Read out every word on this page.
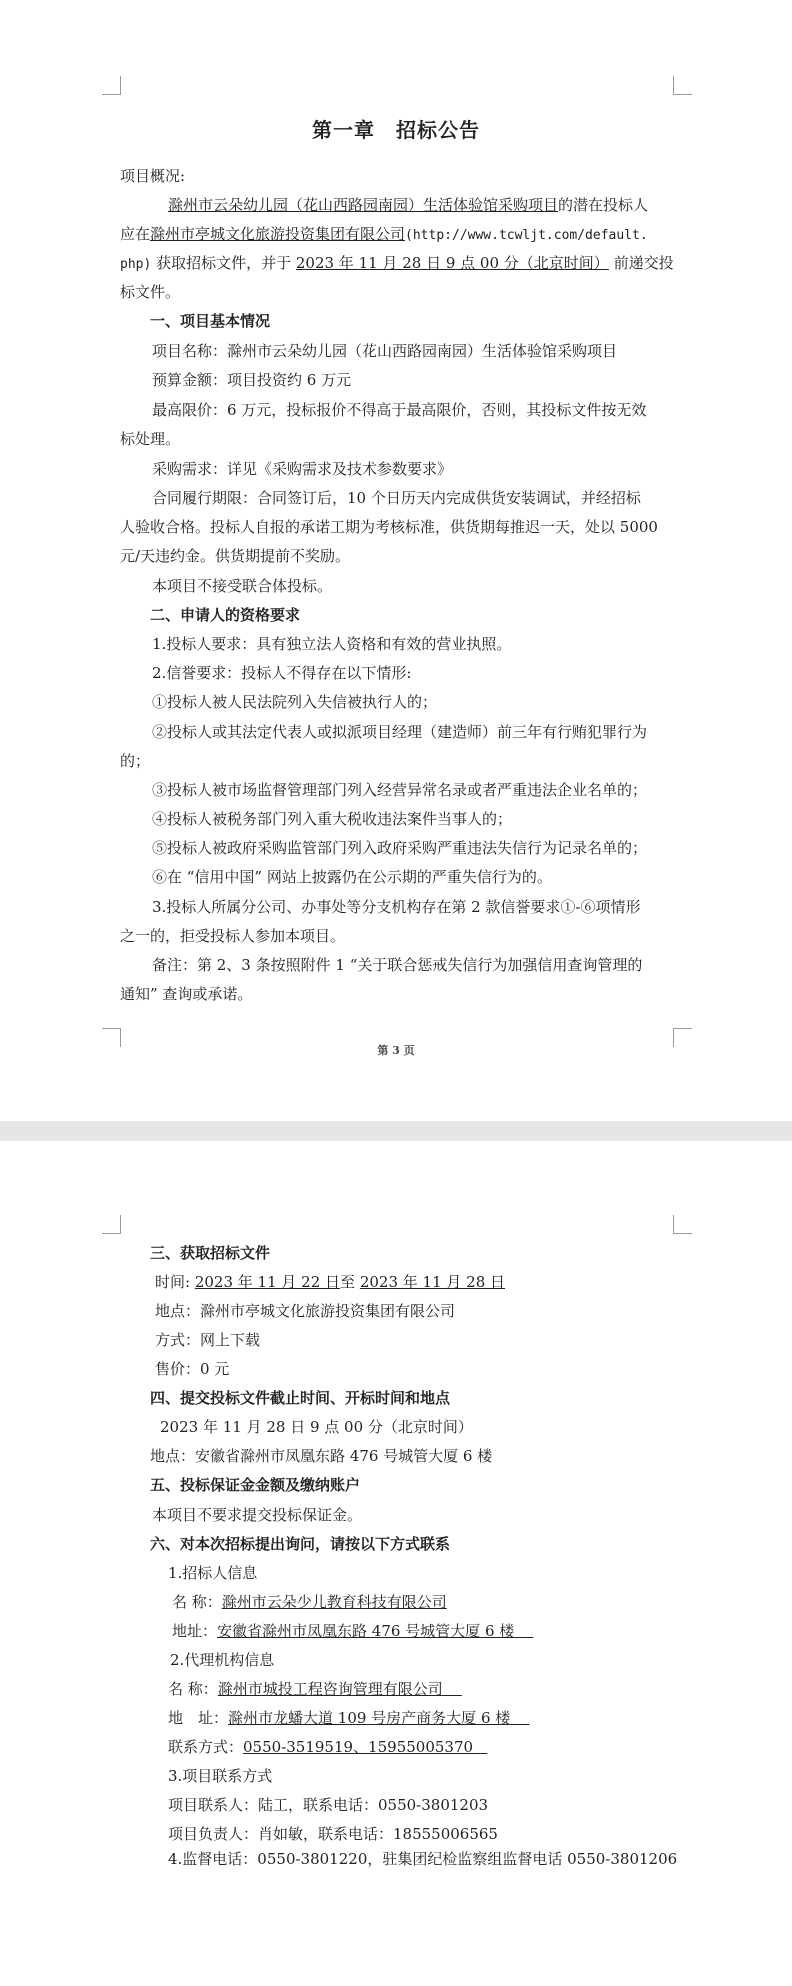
第一章　招标公告
项目概况:
滁州市云朵幼儿园（花山西路园南园）生活体验馆采购项目的潜在投标人
应在滁州市亭城文化旅游投资集团有限公司(http://www.tcwljt.com/default.
php) 获取招标文件，并于 2023 年 11 月 28 日 9 点 00 分（北京时间） 前递交投
标文件。
一、项目基本情况
项目名称：滁州市云朵幼儿园（花山西路园南园）生活体验馆采购项目
预算金额：项目投资约 6 万元
最高限价：6 万元，投标报价不得高于最高限价，否则，其投标文件按无效
标处理。
采购需求：详见《采购需求及技术参数要求》
合同履行期限：合同签订后，10 个日历天内完成供货安装调试，并经招标
人验收合格。投标人自报的承诺工期为考核标准，供货期每推迟一天，处以 5000
元/天违约金。供货期提前不奖励。
本项目不接受联合体投标。
二、申请人的资格要求
1.投标人要求：具有独立法人资格和有效的营业执照。
2.信誉要求：投标人不得存在以下情形:
①投标人被人民法院列入失信被执行人的；
②投标人或其法定代表人或拟派项目经理（建造师）前三年有行贿犯罪行为
的；
③投标人被市场监督管理部门列入经营异常名录或者严重违法企业名单的；
④投标人被税务部门列入重大税收违法案件当事人的；
⑤投标人被政府采购监管部门列入政府采购严重违法失信行为记录名单的；
⑥在 “信用中国” 网站上披露仍在公示期的严重失信行为的。
3.投标人所属分公司、办事处等分支机构存在第 2 款信誉要求①-⑥项情形
之一的，拒受投标人参加本项目。
备注：第 2、3 条按照附件 1 “关于联合惩戒失信行为加强信用查询管理的
通知” 查询或承诺。
第 3 页
三、获取招标文件
时间: 2023 年 11 月 22 日至 2023 年 11 月 28 日
地点：滁州市亭城文化旅游投资集团有限公司
方式：网上下载
售价：0 元
四、提交投标文件截止时间、开标时间和地点
2023 年 11 月 28 日 9 点 00 分（北京时间）
地点：安徽省滁州市凤凰东路 476 号城管大厦 6 楼
五、投标保证金金额及缴纳账户
本项目不要求提交投标保证金。
六、对本次招标提出询问，请按以下方式联系
1.招标人信息
名 称：滁州市云朵少儿教育科技有限公司
地址：安徽省滁州市凤凰东路 476 号城管大厦 6 楼
2.代理机构信息
名 称：滁州市城投工程咨询管理有限公司
地　址：滁州市龙蟠大道 109 号房产商务大厦 6 楼
联系方式：0550-3519519、15955005370
3.项目联系方式
项目联系人：陆工，联系电话：0550-3801203
项目负责人：肖如敏，联系电话：18555006565
4.监督电话：0550-3801220，驻集团纪检监察组监督电话 0550-3801206
